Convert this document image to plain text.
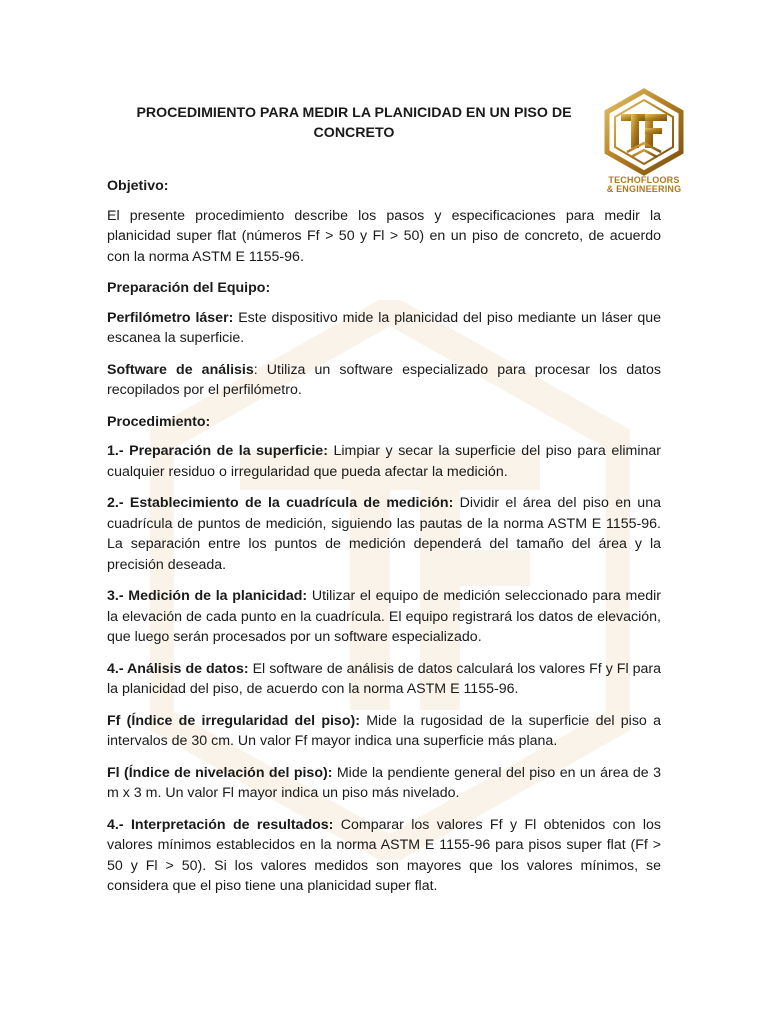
PROCEDIMIENTO PARA MEDIR LA PLANICIDAD EN UN PISO DE CONCRETO
TECHOFLOORS
& ENGINEERING

Objetivo:

El presente procedimiento describe los pasos y especificaciones para medir la planicidad super flat (números Ff > 50 y Fl > 50) en un piso de concreto, de acuerdo con la norma ASTM E 1155-96.

Preparación del Equipo:

Perfilómetro láser: Este dispositivo mide la planicidad del piso mediante un láser que escanea la superficie.

Software de análisis: Utiliza un software especializado para procesar los datos recopilados por el perfilómetro.

Procedimiento:

1.- Preparación de la superficie: Limpiar y secar la superficie del piso para eliminar cualquier residuo o irregularidad que pueda afectar la medición.

2.- Establecimiento de la cuadrícula de medición: Dividir el área del piso en una cuadrícula de puntos de medición, siguiendo las pautas de la norma ASTM E 1155-96. La separación entre los puntos de medición dependerá del tamaño del área y la precisión deseada.

3.- Medición de la planicidad: Utilizar el equipo de medición seleccionado para medir la elevación de cada punto en la cuadrícula. El equipo registrará los datos de elevación, que luego serán procesados por un software especializado.

4.- Análisis de datos: El software de análisis de datos calculará los valores Ff y Fl para la planicidad del piso, de acuerdo con la norma ASTM E 1155-96.

Ff (Índice de irregularidad del piso): Mide la rugosidad de la superficie del piso a intervalos de 30 cm. Un valor Ff mayor indica una superficie más plana.

Fl (Índice de nivelación del piso): Mide la pendiente general del piso en un área de 3 m x 3 m. Un valor Fl mayor indica un piso más nivelado.

4.- Interpretación de resultados: Comparar los valores Ff y Fl obtenidos con los valores mínimos establecidos en la norma ASTM E 1155-96 para pisos super flat (Ff > 50 y Fl > 50). Si los valores medidos son mayores que los valores mínimos, se considera que el piso tiene una planicidad super flat.
